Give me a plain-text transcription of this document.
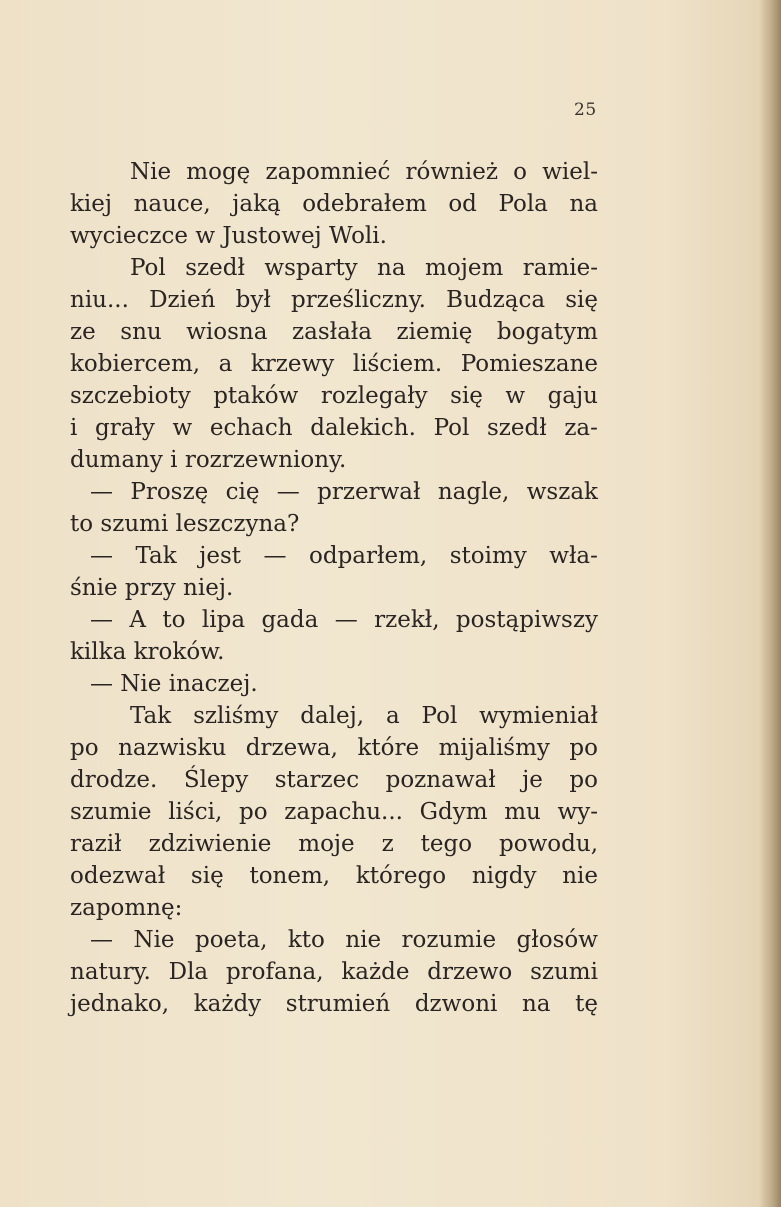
25
Nie mogę zapomnieć również o wiel-
kiej nauce, jaką odebrałem od Pola na
wycieczce w Justowej Woli.
Pol szedł wsparty na mojem ramie-
niu... Dzień był prześliczny. Budząca się
ze snu wiosna zasłała ziemię bogatym
kobiercem, a krzewy liściem. Pomieszane
szczebioty ptaków rozlegały się w gaju
i grały w echach dalekich. Pol szedł za-
dumany i rozrzewniony.
— Proszę cię — przerwał nagle, wszak
to szumi leszczyna?
— Tak jest — odparłem, stoimy wła-
śnie przy niej.
— A to lipa gada — rzekł, postąpiwszy
kilka kroków.
— Nie inaczej.
Tak szliśmy dalej, a Pol wymieniał
po nazwisku drzewa, które mijaliśmy po
drodze. Ślepy starzec poznawał je po
szumie liści, po zapachu... Gdym mu wy-
raził zdziwienie moje z tego powodu,
odezwał się tonem, którego nigdy nie
zapomnę:
— Nie poeta, kto nie rozumie głosów
natury. Dla profana, każde drzewo szumi
jednako, każdy strumień dzwoni na tę
